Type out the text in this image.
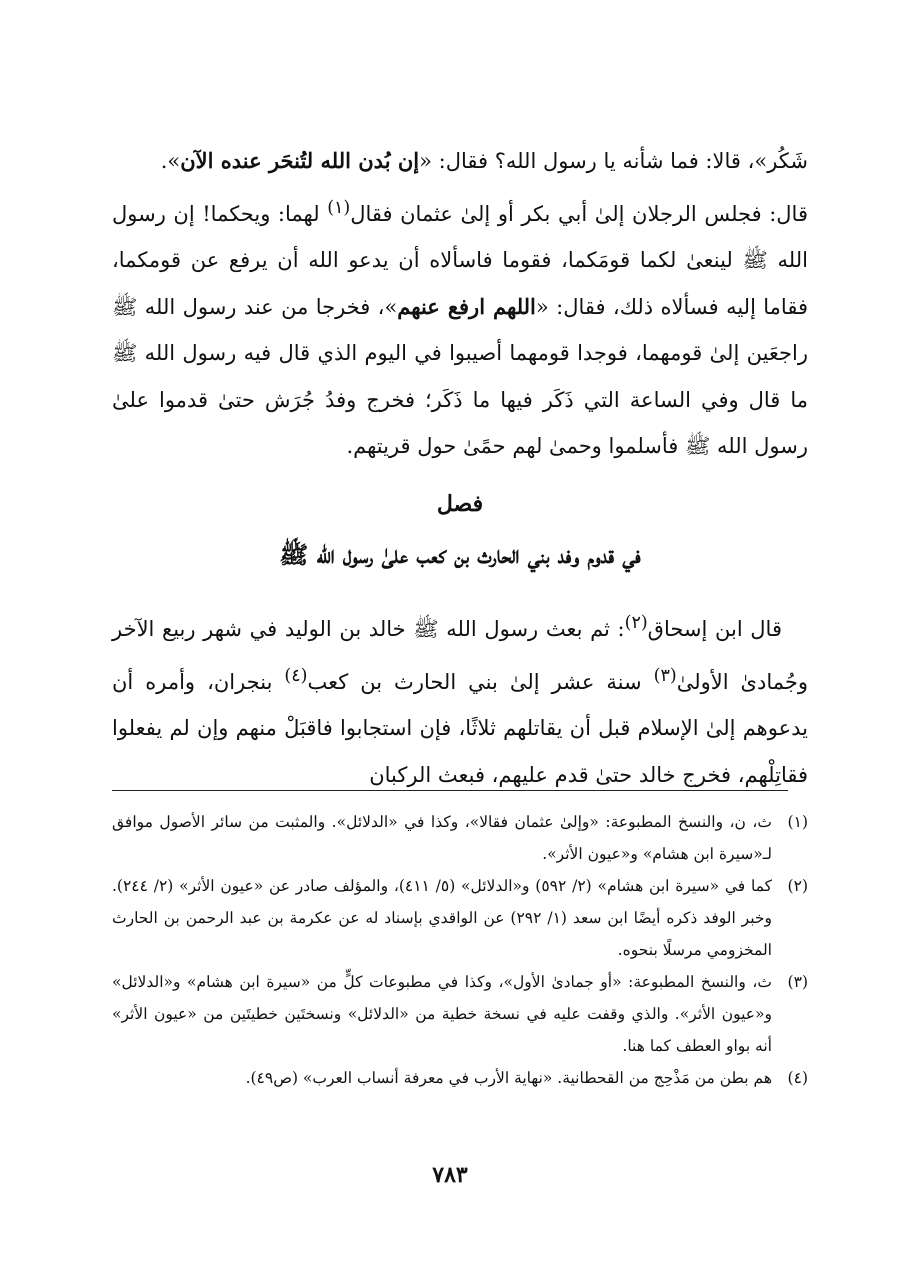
شَكُر»، قالا: فما شأنه يا رسول الله؟ فقال: «إن بُدن الله لتُنحَر عنده الآن».

قال: فجلس الرجلان إلىٰ أبي بكر أو إلىٰ عثمان فقال$^{(١)}$ لهما: ويحكما! إن رسول الله ﷺ لينعىٰ لكما قومَكما، فقوما فاسألاه أن يدعو الله أن يرفع عن قومكما، فقاما إليه فسألاه ذلك، فقال: «اللهم ارفع عنهم»، فخرجا من عند رسول الله ﷺ راجعَين إلىٰ قومهما، فوجدا قومهما أصيبوا في اليوم الذي قال فيه رسول الله ﷺ ما قال وفي الساعة التي ذَكَر فيها ما ذَكَر؛ فخرج وفدُ جُرَش حتىٰ قدموا علىٰ رسول الله ﷺ فأسلموا وحمىٰ لهم حمًىٰ حول قريتهم.

فصل
في قدوم وفد بني الحارث بن كعب علىٰ رسول الله ﷺ

قال ابن إسحاق$^{(٢)}$: ثم بعث رسول الله ﷺ خالد بن الوليد في شهر ربيع الآخر وجُمادىٰ الأولىٰ$^{(٣)}$ سنة عشر إلىٰ بني الحارث بن كعب$^{(٤)}$ بنجران، وأمره أن يدعوهم إلىٰ الإسلام قبل أن يقاتلهم ثلاثًا، فإن استجابوا فاقبَلْ منهم وإن لم يفعلوا فقاتِلْهم، فخرج خالد حتىٰ قدم عليهم، فبعث الركبان

(١)
ث، ن، والنسخ المطبوعة: «وإلىٰ عثمان فقالا»، وكذا في «الدلائل». والمثبت من سائر الأصول موافق لـ«سيرة ابن هشام» و«عيون الأثر».
(٢)
كما في «سيرة ابن هشام» (٢/ ٥٩٢) و«الدلائل» (٥/ ٤١١)، والمؤلف صادر عن «عيون الأثر» (٢/ ٢٤٤). وخبر الوفد ذكره أيضًا ابن سعد (١/ ٢٩٢) عن الواقدي بإسناد له عن عكرمة بن عبد الرحمن بن الحارث المخزومي مرسلًا بنحوه.
(٣)
ث، والنسخ المطبوعة: «أو جمادىٰ الأول»، وكذا في مطبوعات كلٍّ من «سيرة ابن هشام» و«الدلائل» و«عيون الأثر». والذي وقفت عليه في نسخة خطية من «الدلائل» ونسختَين خطيتَين من «عيون الأثر» أنه بواو العطف كما هنا.
(٤)
هم بطن من مَذْحِج من القحطانية. «نهاية الأرب في معرفة أنساب العرب» (ص٤٩).
٧٨٣
